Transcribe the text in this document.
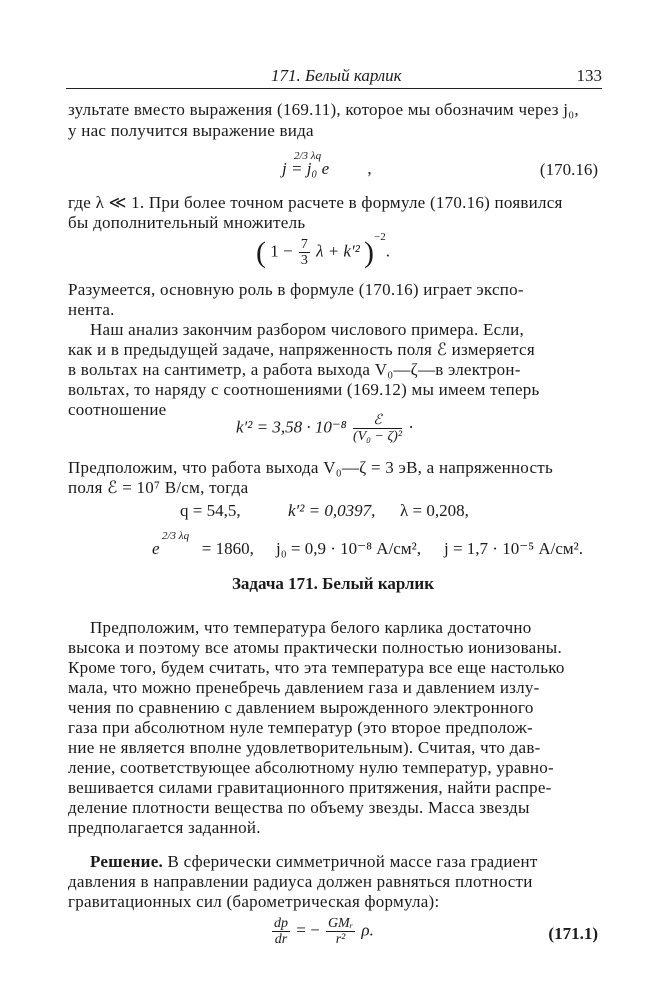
171. Белый карлик	133
зультате вместо выражения (169.11), которое мы обозначим через j₀,
у нас получится выражение вида
j = j₀ e
2/3 λq
,	(170.16)
где λ ≪ 1. При более точном расчете в формуле (170.16) появился
бы дополнительный множитель
( $1 - \frac{7}{3}$ λ + k′² )$^{-2}$.
Разумеется, основную роль в формуле (170.16) играет экспо-
нента.
Наш анализ закончим разбором числового примера. Если,
как и в предыдущей задаче, напряженность поля ℰ измеряется
в вольтах на сантиметр, а работа выхода V₀—ζ—в электрон-
вольтах, то наряду с соотношениями (169.12) мы имеем теперь
соотношение
$k'^2 = 3,58 \cdot 10^{-8} \frac{\text{ℰ}}{\text{(V₀ − ζ)²}}$ ·
Предположим, что работа выхода V₀—ζ = 3 эВ, а напряженность
поля ℰ = 10⁷ В/см, тогда
q = 54,5,	k′² = 0,0397, λ = 0,208,
e
2/3 λq
= 1860, j₀ = 0,9 · 10⁻⁸ А/см², j = 1,7 · 10⁻⁵ А/см².
Задача 171. Белый карлик
Предположим, что температура белого карлика достаточно
высока и поэтому все атомы практически полностью ионизованы.
Кроме того, будем считать, что эта температура все еще настолько
мала, что можно пренебречь давлением газа и давлением излу-
чения по сравнению с давлением вырожденного электронного
газа при абсолютном нуле температур (это второе предполож-
ние не является вполне удовлетворительным). Считая, что дав-
ление, соответствующее абсолютному нулю температур, уравно-
вешивается силами гравитационного притяжения, найти распре-
деление плотности вещества по объему звезды. Масса звезды
предполагается заданной.
Решение. В сферически симметричной массе газа градиент
давления в направлении радиуса должен равняться плотности
гравитационных сил (барометрическая формула):
$\frac{dp}{dr}$ = − $\frac{\text{GMᵣ}}{\text{r²}} \rho$.	(171.1)
